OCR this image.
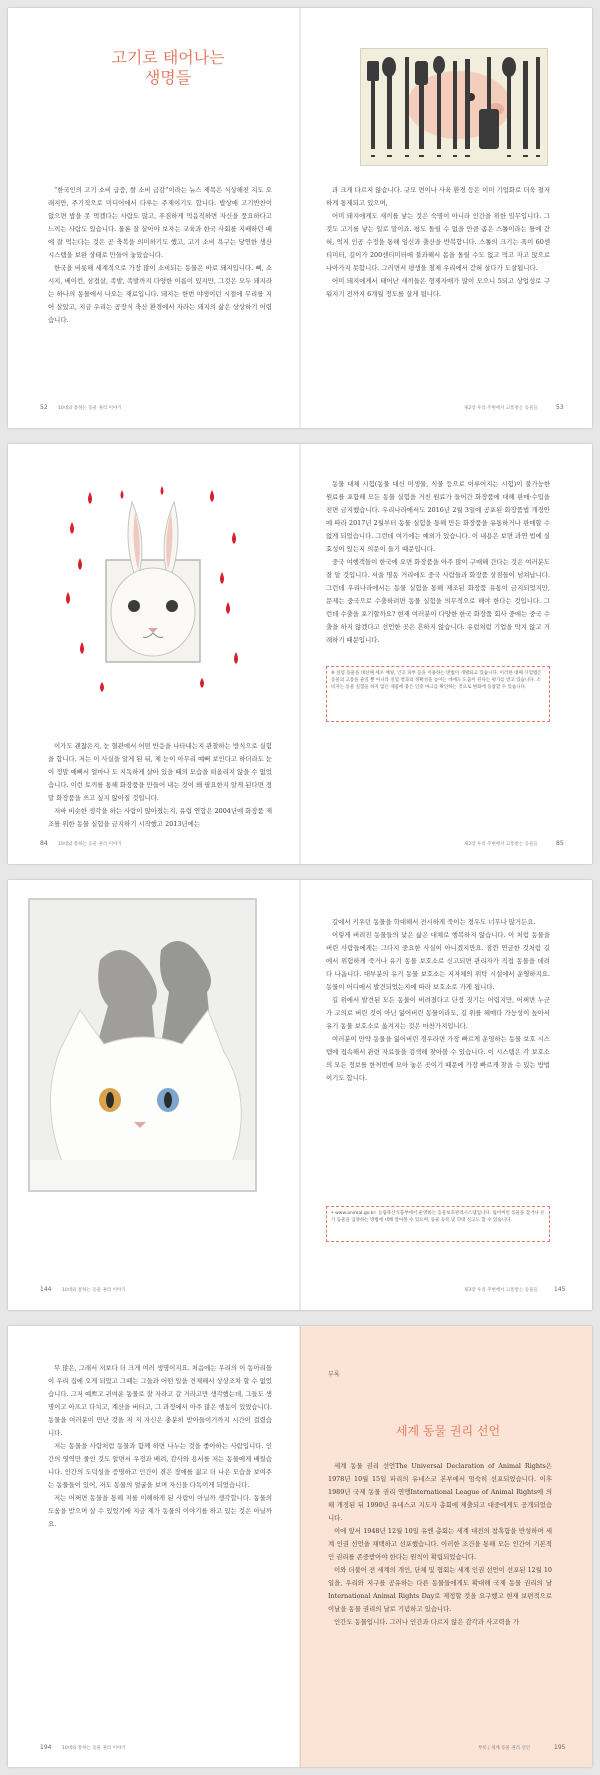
고기로 태어나는
생명들

“한국인의 고기 소비 급증, 쌀 소비 급감”이라는 뉴스 제목은 식상해진 지도 오래지만, 주기적으로 미디어에서 다루는 주제이기도 합니다. 밥상에 고기반찬이 없으면 밥을 못 먹겠다는 사람도 많고, 푸짐하게 먹음직하면 자신을 풍요하다고 느끼는 사람도 있습니다. 물론 잘 살아야 보자는 교육과 한국 사회를 지배하던 때에 잘 먹는다는 것은 곧 축복을 의미하기도 했고, 고기 소비 욕구는 당연한 생산 시스템을 보완 상태로 만들어 놓았습니다.

한국을 비롯해 세계적으로 가장 많이 소비되는 동물은 바로 돼지입니다. 뼈, 소시지, 베이컨, 삼겹살, 족발, 족발까지 다양한 이름이 있지만, 그것은 모두 돼지라는 하나의 동물에서 나오는 재료입니다. 돼지는 한번 야생이던 시절에 무리를 지어 살았고, 지금 우리는 공장식 축산 환경에서 자라는 돼지의 삶은 상상하기 어렵습니다.

과 크게 다르지 않습니다. 규모 면이나 사육 환경 등은 이미 기업화로 더욱 철저하게 통제되고 있으며,

어미 돼지에게도 새끼를 낳는 것은 숙명이 아니라 인간을 위한 임무입니다. 그것도 고기를 낳는 일로 말이죠. 평도 돌릴 수 없을 만큼 좁은 스톨이라는 틀에 갇혀, 억지 인공 수정을 통해 임신과 출산을 반복합니다. 스톨의 크기는 폭이 60센티미터, 길이가 200센티미터에 불과해서 몸을 돌릴 수도 없고 먹고 자고 앉으로 나아가지 못합니다. 그러면서 평생을 철제 우리에서 갇혀 살다가 도살됩니다.

어미 돼지에게서 태어난 새끼들은 형제자매가 많이 모으니 5되고 상업성로 구워지기 전까지 6개월 정도를 살게 됩니다.

52 10대와 통하는 동물 권리 이야기	제2장 우리 주변에서 고통받는 동물들	53

이가도 괜찮은지, 눈 혈관에서 어떤 반응을 나타내는지 관찰하는 방식으로 실험을 합니다. 저는 이 사실을 알게 된 뒤, 제 눈이 아무리 예뻐 보인다고 하더라도 눈이 정말 예뻐서 얼마나 도 지독하게 살아 있을 때의 모습을 떠올리지 않을 수 없었습니다. 이런 토끼를 통해 화장품을 만들어 내는 것이 왜 필요한지 알게 된다면 정말 화장품을 쓰고 싶지 않아질 것입니다.

저바 비슷한 생각을 하는 사람이 많아졌는지, 유럽 연합은 2004년에 화장품 제조를 위한 동물 실험을 금지하기 시작했고 2013년에는

동물 대체 시험(동물 대신 미생물, 식물 등으로 이루어지는 시험)이 불가능한 원료를 포함해 모든 동물 실험을 거친 원료가 들어간 화장품에 대해 판매·수입을 전면 금지했습니다. 우리나라에서도 2016년 2월 3일에 공포된 화장품법 개정안에 따라 2017년 2월부터 동물 실험을 통해 만든 화장품을 유통하거나 판매할 수 없게 되었습니다. 그런데 여기에는 예외가 있습니다. 이 내용은 보면 과연 법에 실효성이 있는지 의문이 들기 때문입니다.

중국 여행객들이 한국에 오면 화장품을 아주 많이 구매해 간다는 것은 여러분도 잘 알 것입니다. 서울 명동 거리에도 중국 사람들과 화장품 상점들이 넘쳐납니다. 그런데 우리나라에서는 동물 실험을 통해 제조된 화장품 유통이 금지되었지만, 문제는 중국으로 수출하려면 동물 실험을 의무적으로 해야 한다는 것입니다. 그런데 수출을 포기할까요? 현재 여러분이 다양한 한국 화장품 회사 중에는 중국 수출을 하지 않겠다고 선언한 곳은 흔하지 않습니다. 유럽처럼 기업을 막지 않고 거래하기 때문입니다.

※ 실험 동물을 대신해 세포 배양, 인공 피부 등을 이용하는 방법이 개발되고 있습니다. 이러한 대체 시험법은 동물의 고통을 줄일 뿐 아니라 실험 결과의 정확성을 높이는 데에도 도움이 된다는 평가를 받고 있습니다. 소비자는 동물 실험을 하지 않은 제품에 붙은 인증 마크를 확인하는 것으로 변화에 동참할 수 있습니다.
84 10대와 통하는 동물 권리 이야기	제2장 우리 주변에서 고통받는 동물들	85

길에서 키우던 동물을 학대해서 전시하게 죽이는 경우도 너무나 많거든요.

이렇게 버려진 동물들의 낯은 삶은 대체로 행복하지 않습니다. 이 처럼 동물을 버린 사람들에게는 그다지 중요한 사실이 아니겠지만요. 잠깐 연금한 것처럼 길에서 위험하게 죽거나 유기 동물 보호소로 신고되면 관리자가 직접 동물을 데려다 나옵니다. 대부분의 유기 동물 보호소는 지자체의 위탁 시설에서 운영하지요. 동물이 어디에서 발견되었는지에 따라 보호소로 가게 됩니다.

길 위에서 발견된 모든 동물이 버려졌다고 단정 짓기는 어렵지만, 어쩌면 누군가 고의로 버린 것이 아닌 잃어버린 동물이라도, 길 위를 헤매다 가능성이 높아서 유기 동물 보호소로 옮겨지는 것은 마찬가지입니다.

여러분이 만약 동물을 잃어버린 경우라면 가장 빠르게 운영하는 동물 보호 시스템에 접속해서 관련 자료들을 검색해 찾아볼 수 있습니다. 이 시스템은 각 보호소의 모든 정보를 한꺼번에 모아 놓은 곳이기 때문에 가장 빠르게 찾을 수 있는 방법이기도 합니다.

• www.animal.go.kr: 농림축산식품부에서 운영하는 동물보호관리시스템입니다. 잃어버린 동물을 찾거나 유기 동물을 입양하는 방법에 대해 알아볼 수 있으며, 동물 등록 및 학대 신고도 할 수 있습니다.
144 10대와 통하는 동물 권리 이야기	제3장 우리 주변에서 고통받는 동물들	145

무 많은, 그래서 저보다 더 크게 여러 생명이지요. 처음에는 우리의 이 동아리들이 우리 집에 오게 되었고 그때는 그들과 어떤 일을 견제해서 상상조차 할 수 없었습니다. 그저 예쁘고 귀여운 동물로 잘 자라고 갈 거라고만 생각했는데, 그들도 생명이고 아프고 다치고, 계산을 버티고, 그 과정에서 아주 많은 행동이 있었습니다. 동물을 여러분이 만난 것을 저 저 자신은 충분히 받아들이기까지 시간이 걸렸습니다.

저는 동물을 사람처럼 동물과 함께 하면 나누는 것을 좋아하는 사람입니다. 인간의 영역만 줄인 것도 알면서 우정과 배려, 감사와 용서를 저는 동물에게 배웠습니다. 인간의 도덕성을 증명하고 인간이 겪은 장애를 짊고 더 나은 모습을 보여주는 동물들이 있어, 저도 동물의 얼굴을 보며 자신을 다독이게 되었습니다.

저는 어쩌면 동물을 통해 저를 이해하게 된 사람이 아닐까 생각합니다. 동물의 도움을 받으며 살 수 있었기에 지금 제가 동물의 이야기를 하고 있는 것은 아닐까요.

부록
세계 동물 권리 선언

세계 동물 권리 선언The Universal Declaration of Animal Rights은 1978년 10월 15일 파리의 유네스코 본부에서 엄숙히 선포되었습니다. 이후 1989년 국제 동물 권리 연맹International League of Animal Rights에 의해 개정된 뒤 1990년 유네스코 지도자 총회에 제출되고 대중에게도 공개되었습니다.

이에 앞서 1948년 12월 10일 유엔 총회는 세계 대전의 참혹함을 반성하며 세계 인권 선언을 채택하고 선포했습니다. 이러한 조건을 통해 모든 인간이 기본적인 권리를 존중받아야 한다는 원칙이 확립되었습니다.

이와 더불어 전 세계의 개인, 단체 및 협회는 세계 인권 선언이 선포된 12월 10일을, 우리와 지구를 공유하는 다른 동물들에게도 확대해 국제 동물 권리의 날International Animal Rights Day로 제정할 것을 요구했고 현재 보편적으로 이날을 동물 권리의 날로 기념하고 있습니다.

인간도 동물입니다. 그러나 인간과 다르지 않은 감각과 사고력을 가

194 10대와 통하는 동물 권리 이야기	부록 | 세계 동물 권리 선언	195
